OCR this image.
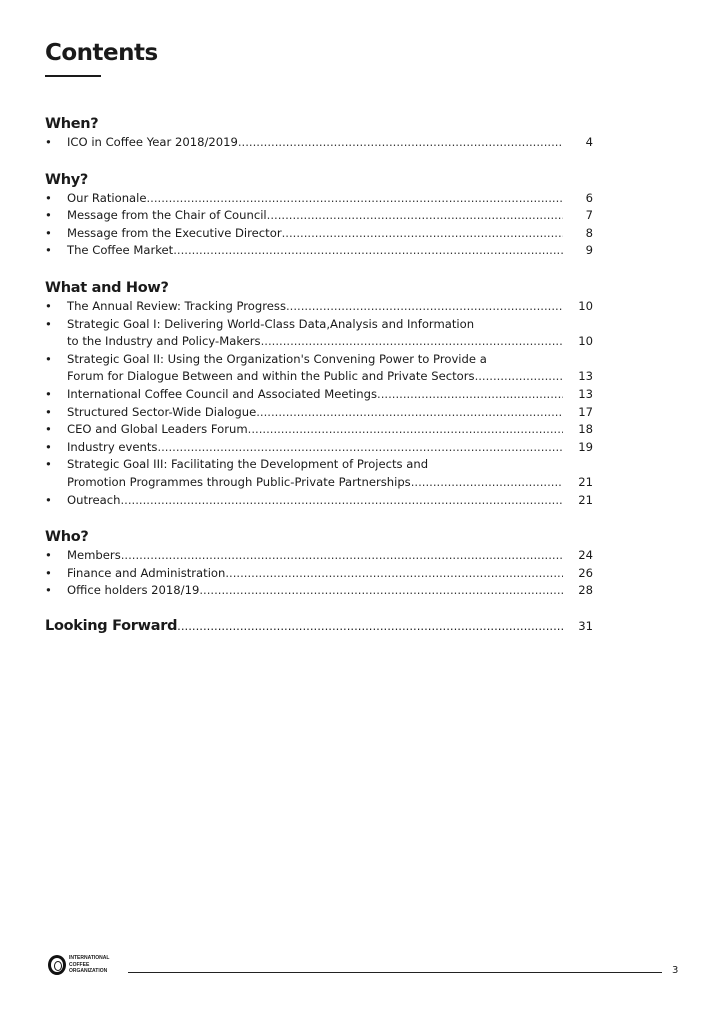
Contents
When?
• ICO in Coffee Year 2018/2019 .....	4
Why?
• Our Rationale .....	6
• Message from the Chair of Council .....	7
• Message from the Executive Director .....	8
• The Coffee Market .....	9
What and How?
• The Annual Review: Tracking Progress .....	10
• Strategic Goal I: Delivering World-Class Data,Analysis and Information
to the Industry and Policy-Makers .....	10
• Strategic Goal II: Using the Organization's Convening Power to Provide a
Forum for Dialogue Between and within the Public and Private Sectors .....	13
• International Coffee Council and Associated Meetings .....	13
• Structured Sector-Wide Dialogue .....	17
• CEO and Global Leaders Forum .....	18
• Industry events .....	19
• Strategic Goal III: Facilitating the Development of Projects and
Promotion Programmes through Public-Private Partnerships .....	21
• Outreach .....	21
Who?
• Members .....	24
• Finance and Administration .....	26
• Office holders 2018/19 .....	28
Looking Forward .....	31
INTERNATIONAL
COFFEE
ORGANIZATION	3
